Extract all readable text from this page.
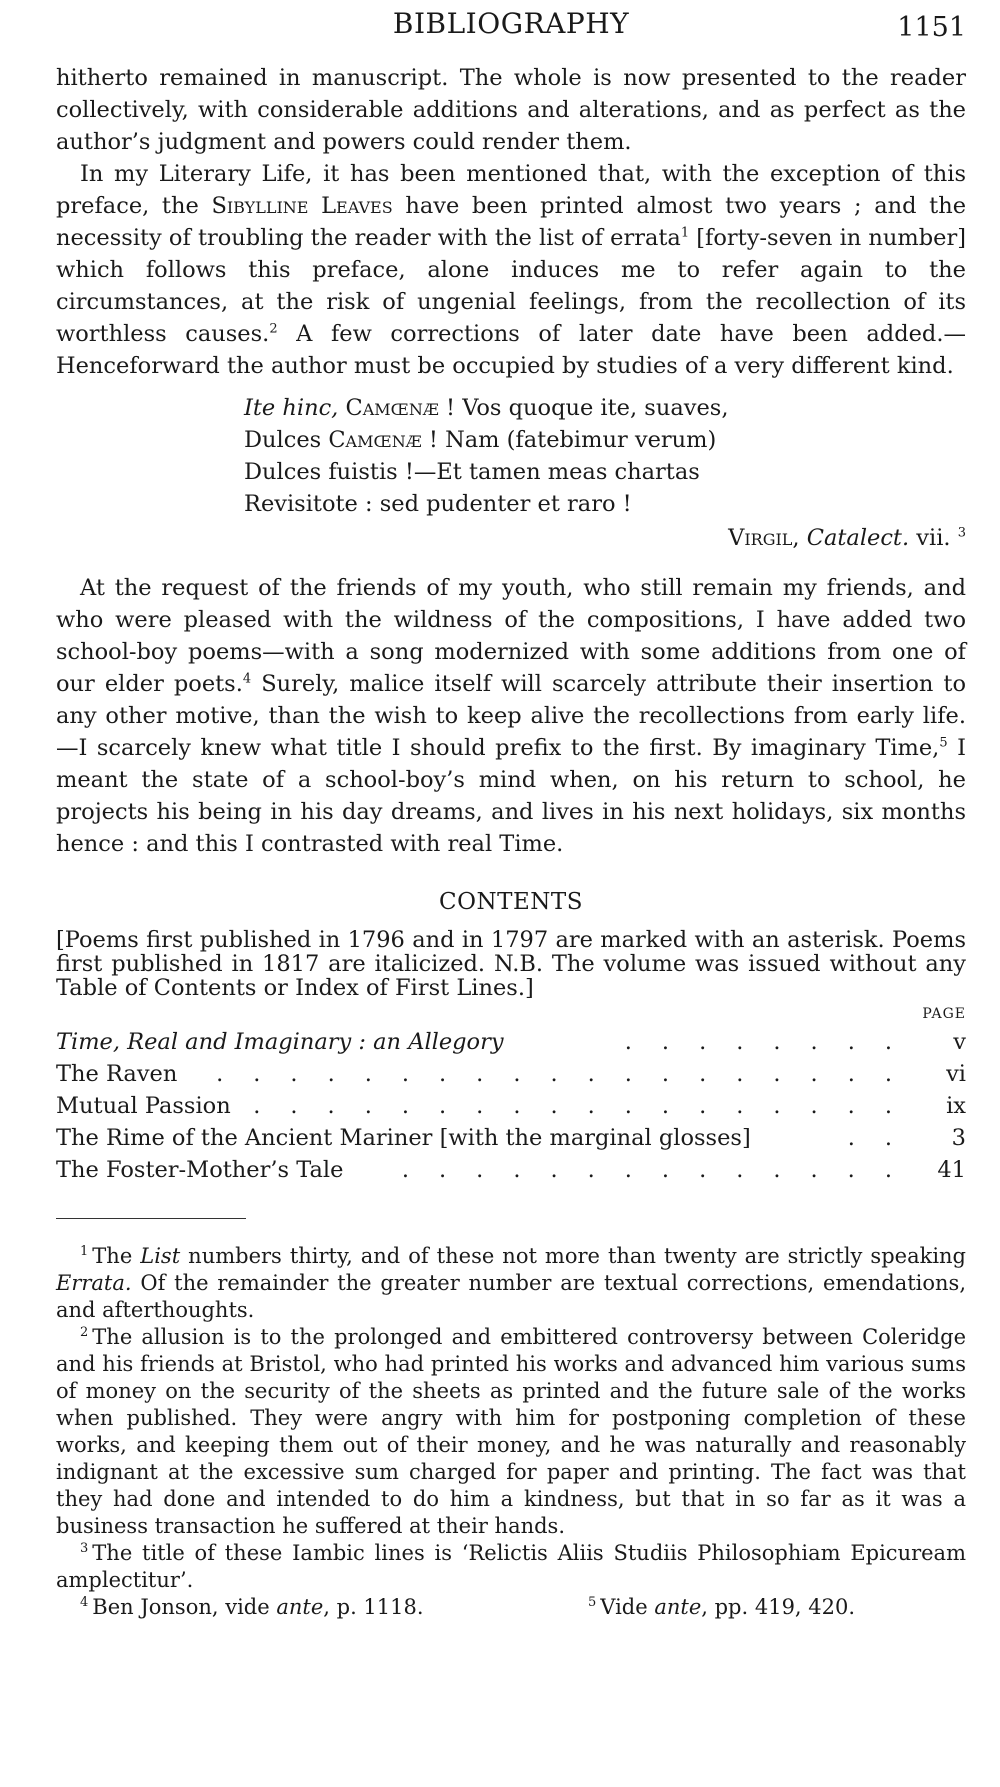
BIBLIOGRAPHY	1151

hitherto remained in manuscript. The whole is now presented to the reader collectively, with considerable additions and alterations, and as perfect as the author’s judgment and powers could render them.

In my Literary Life, it has been mentioned that, with the exception of this preface, the Sibylline Leaves have been printed almost two years ; and the necessity of troubling the reader with the list of errata$^1$ [forty-seven in number] which follows this preface, alone induces me to refer again to the circumstances, at the risk of ungenial feelings, from the recollection of its worthless causes.$^2$ A few corrections of later date have been added.—Henceforward the author must be occupied by studies of a very different kind.

Ite hinc, Camœnæ ! Vos quoque ite, suaves,
Dulces Camœnæ ! Nam (fatebimur verum)
Dulces fuistis !—Et tamen meas chartas
Revisitote : sed pudenter et raro !
Virgil, Catalect. vii. $^3$

At the request of the friends of my youth, who still remain my friends, and who were pleased with the wildness of the compositions, I have added two school-boy poems—with a song modernized with some additions from one of our elder poets.$^4$ Surely, malice itself will scarcely attribute their insertion to any other motive, than the wish to keep alive the recollections from early life.—I scarcely knew what title I should prefix to the first. By imaginary Time,$^5$ I meant the state of a school-boy’s mind when, on his return to school, he projects his being in his day dreams, and lives in his next holidays, six months hence : and this I contrasted with real Time.

CONTENTS

[Poems first published in 1796 and in 1797 are marked with an asterisk. Poems first published in 1817 are italicized. N.B. The volume was issued without any Table of Contents or Index of First Lines.]

PAGE
Time, Real and Imaginary : an Allegory	........	v
The Raven	...................	vi
Mutual Passion	..................	ix
The Rime of the Ancient Mariner [with the marginal glosses]	..	3
The Foster-Mother’s Tale	.............. 41

$^1$ The List numbers thirty, and of these not more than twenty are strictly speaking Errata. Of the remainder the greater number are textual corrections, emendations, and afterthoughts.

$^2$ The allusion is to the prolonged and embittered controversy between Coleridge and his friends at Bristol, who had printed his works and advanced him various sums of money on the security of the sheets as printed and the future sale of the works when published. They were angry with him for postponing completion of these works, and keeping them out of their money, and he was naturally and reasonably indignant at the excessive sum charged for paper and printing. The fact was that they had done and intended to do him a kindness, but that in so far as it was a business transaction he suffered at their hands.

$^3$ The title of these Iambic lines is ‘Relictis Aliis Studiis Philosophiam Epicuream amplectitur’.

$^4$ Ben Jonson, vide ante, p. 1118.	$^5$ Vide ante, pp. 419, 420.
